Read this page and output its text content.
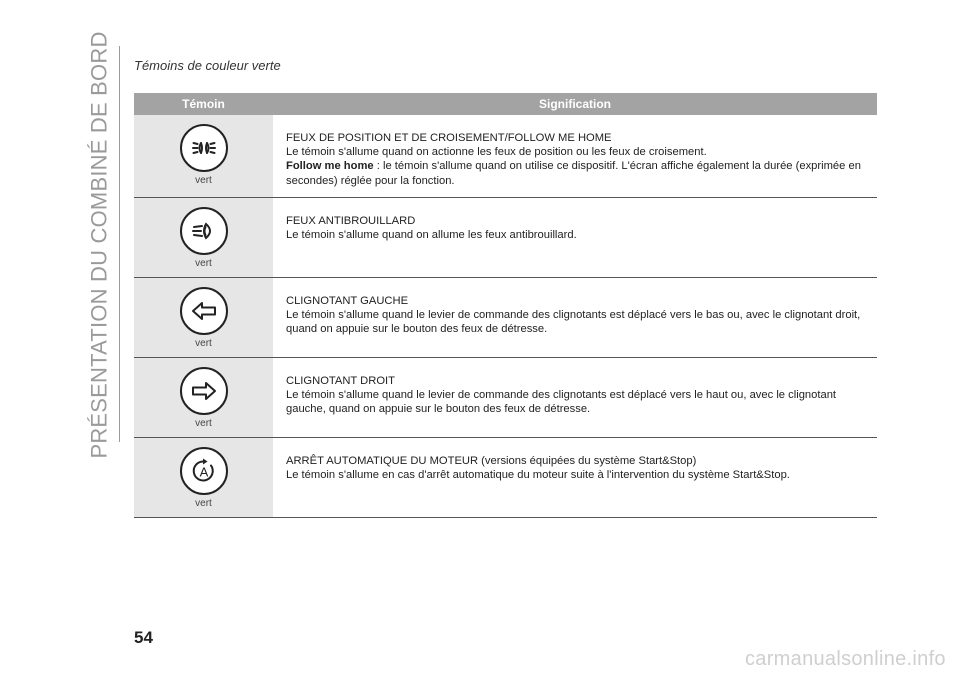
PRÉSENTATION DU COMBINÉ DE BORD Témoins de couleur verte
Témoin	Signification
vert

FEUX DE POSITION ET DE CROISEMENT/FOLLOW ME HOME

Le témoin s'allume quand on actionne les feux de position ou les feux de croisement.

Follow me home : le témoin s'allume quand on utilise ce dispositif. L'écran affiche également la durée (exprimée en secondes) réglée pour la fonction.

vert

FEUX ANTIBROUILLARD

Le témoin s'allume quand on allume les feux antibrouillard.

vert

CLIGNOTANT GAUCHE

Le témoin s'allume quand le levier de commande des clignotants est déplacé vers le bas ou, avec le clignotant droit, quand on appuie sur le bouton des feux de détresse.

vert

CLIGNOTANT DROIT

Le témoin s'allume quand le levier de commande des clignotants est déplacé vers le haut ou, avec le clignotant gauche, quand on appuie sur le bouton des feux de détresse.

A
vert

ARRÊT AUTOMATIQUE DU MOTEUR (versions équipées du système Start&Stop)

Le témoin s'allume en cas d'arrêt automatique du moteur suite à l'intervention du système Start&Stop.

54
carmanualsonline.info
